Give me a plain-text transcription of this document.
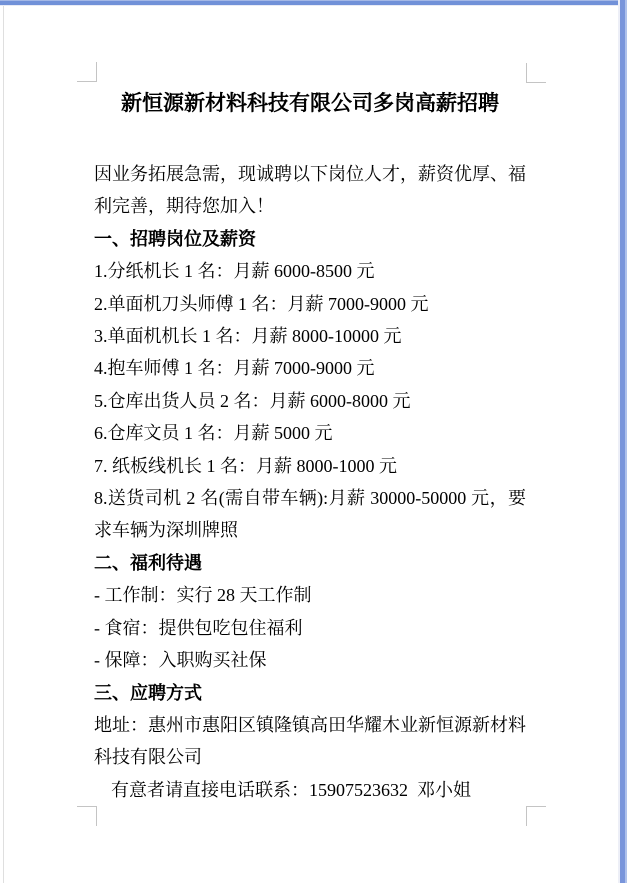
新恒源新材料科技有限公司多岗高薪招聘

因业务拓展急需，现诚聘以下岗位人才，薪资优厚、福利完善，期待您加入！

一、招聘岗位及薪资

1.分纸机长 1 名：月薪 6000-8500 元

2.单面机刀头师傅 1 名：月薪 7000-9000 元

3.单面机机长 1 名：月薪 8000-10000 元

4.抱车师傅 1 名：月薪 7000-9000 元

5.仓库出货人员 2 名：月薪 6000-8000 元

6.仓库文员 1 名：月薪 5000 元

7. 纸板线机长 1 名：月薪 8000-1000 元

8.送货司机 2 名(需自带车辆):月薪 30000-50000 元，要求车辆为深圳牌照

二、福利待遇

- 工作制：实行 28 天工作制

- 食宿：提供包吃包住福利

- 保障：入职购买社保

三、应聘方式

地址：惠州市惠阳区镇隆镇高田华耀木业新恒源新材料科技有限公司

有意者请直接电话联系：15907523632  邓小姐
